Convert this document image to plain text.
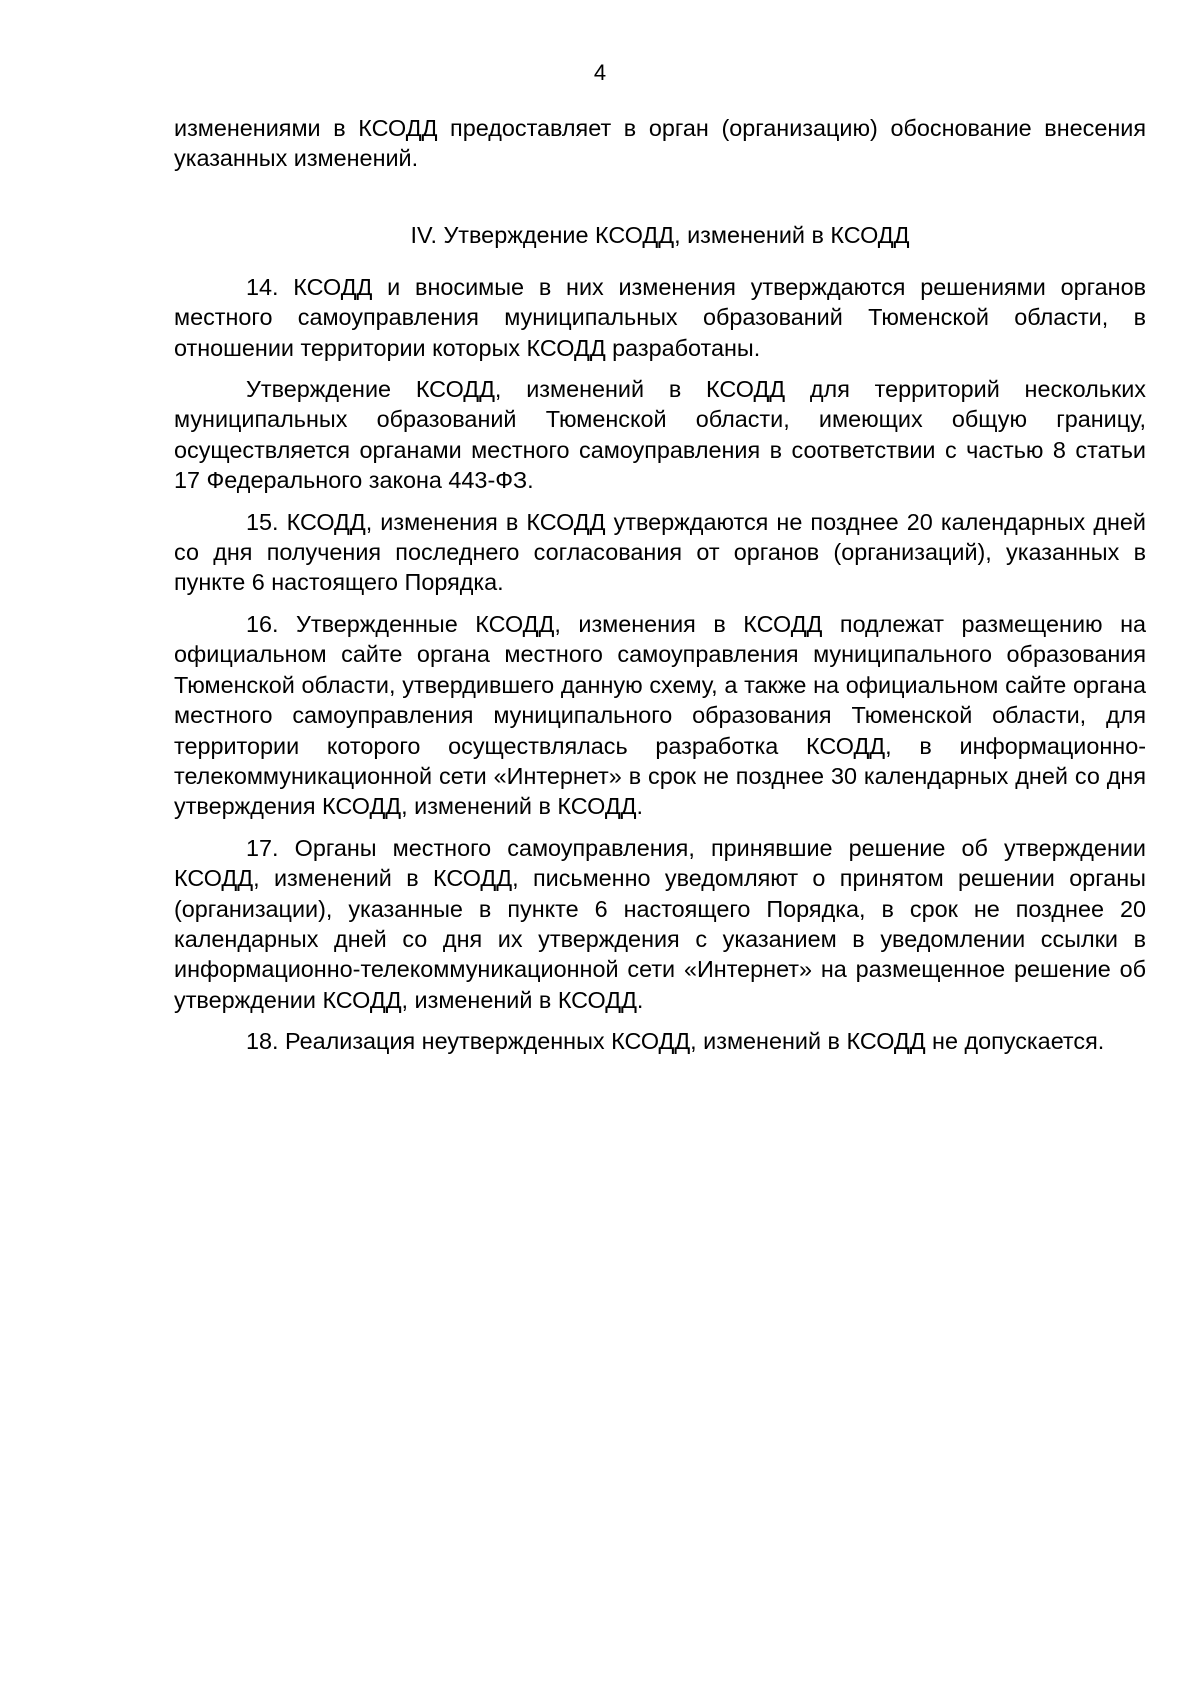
4

изменениями в КСОДД предоставляет в орган (организацию) обоснование внесения указанных изменений.

IV. Утверждение КСОДД, изменений в КСОДД

14. КСОДД и вносимые в них изменения утверждаются решениями органов местного самоуправления муниципальных образований Тюменской области, в отношении территории которых КСОДД разработаны.

Утверждение КСОДД, изменений в КСОДД для территорий нескольких муниципальных образований Тюменской области, имеющих общую границу, осуществляется органами местного самоуправления в соответствии с частью 8 статьи 17 Федерального закона 443-ФЗ.

15. КСОДД, изменения в КСОДД утверждаются не позднее 20 календарных дней со дня получения последнего согласования от органов (организаций), указанных в пункте 6 настоящего Порядка.

16. Утвержденные КСОДД, изменения в КСОДД подлежат размещению на официальном сайте органа местного самоуправления муниципального образования Тюменской области, утвердившего данную схему, а также на официальном сайте органа местного самоуправления муниципального образования Тюменской области, для территории которого осуществлялась разработка КСОДД, в информационно-телекоммуникационной сети «Интернет» в срок не позднее 30 календарных дней со дня утверждения КСОДД, изменений в КСОДД.

17. Органы местного самоуправления, принявшие решение об утверждении КСОДД, изменений в КСОДД, письменно уведомляют о принятом решении органы (организации), указанные в пункте 6 настоящего Порядка, в срок не позднее 20 календарных дней со дня их утверждения с указанием в уведомлении ссылки в информационно-телекоммуникационной сети «Интернет» на размещенное решение об утверждении КСОДД, изменений в КСОДД.

18. Реализация неутвержденных КСОДД, изменений в КСОДД не допускается.
